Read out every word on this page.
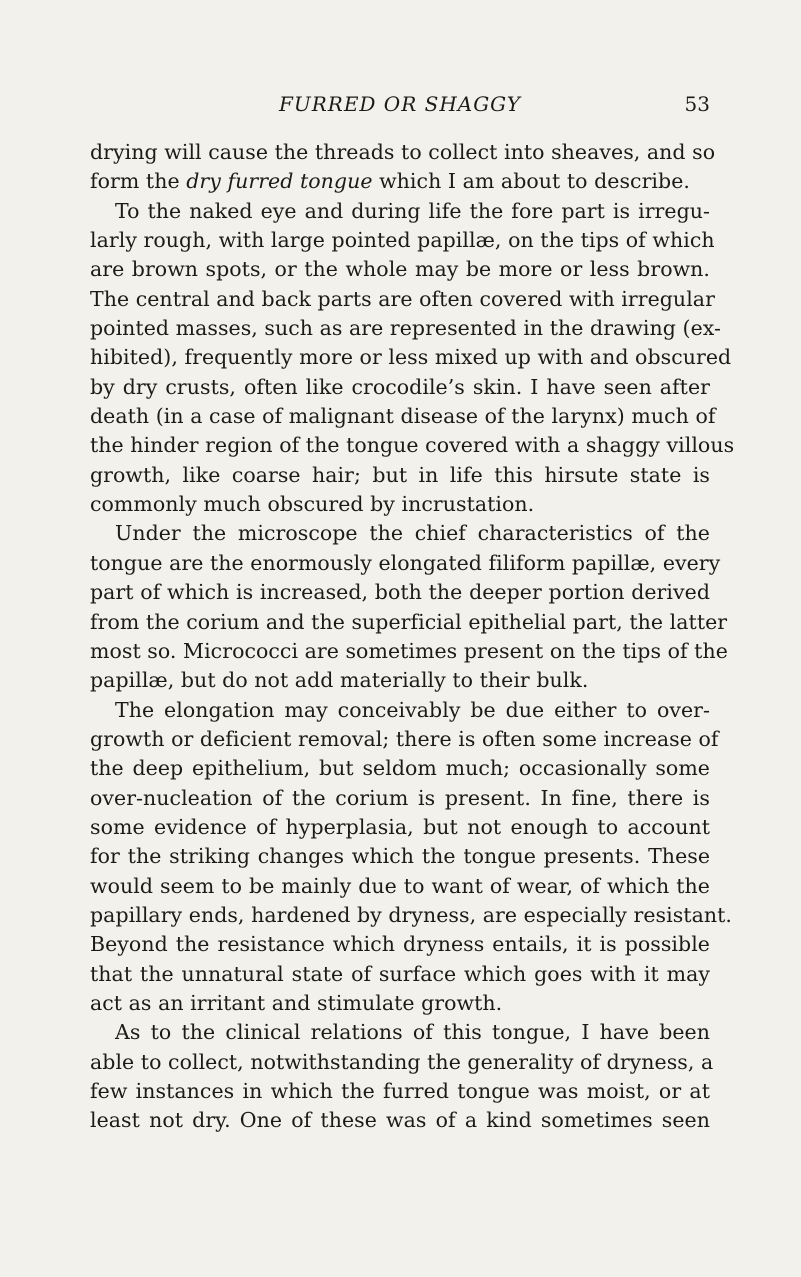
FURRED OR SHAGGY	53
drying will cause the threads to collect into sheaves, and so
form the dry furred tongue which I am about to describe.
To the naked eye and during life the fore part is irregu-
larly rough, with large pointed papillæ, on the tips of which
are brown spots, or the whole may be more or less brown.
The central and back parts are often covered with irregular
pointed masses, such as are represented in the drawing (ex-
hibited), frequently more or less mixed up with and obscured
by dry crusts, often like crocodile’s skin. I have seen after
death (in a case of malignant disease of the larynx) much of
the hinder region of the tongue covered with a shaggy villous
growth, like coarse hair; but in life this hirsute state is
commonly much obscured by incrustation.
Under the microscope the chief characteristics of the
tongue are the enormously elongated filiform papillæ, every
part of which is increased, both the deeper portion derived
from the corium and the superficial epithelial part, the latter
most so. Micrococci are sometimes present on the tips of the
papillæ, but do not add materially to their bulk.
The elongation may conceivably be due either to over-
growth or deficient removal; there is often some increase of
the deep epithelium, but seldom much; occasionally some
over-nucleation of the corium is present. In fine, there is
some evidence of hyperplasia, but not enough to account
for the striking changes which the tongue presents. These
would seem to be mainly due to want of wear, of which the
papillary ends, hardened by dryness, are especially resistant.
Beyond the resistance which dryness entails, it is possible
that the unnatural state of surface which goes with it may
act as an irritant and stimulate growth.
As to the clinical relations of this tongue, I have been
able to collect, notwithstanding the generality of dryness, a
few instances in which the furred tongue was moist, or at
least not dry. One of these was of a kind sometimes seen
